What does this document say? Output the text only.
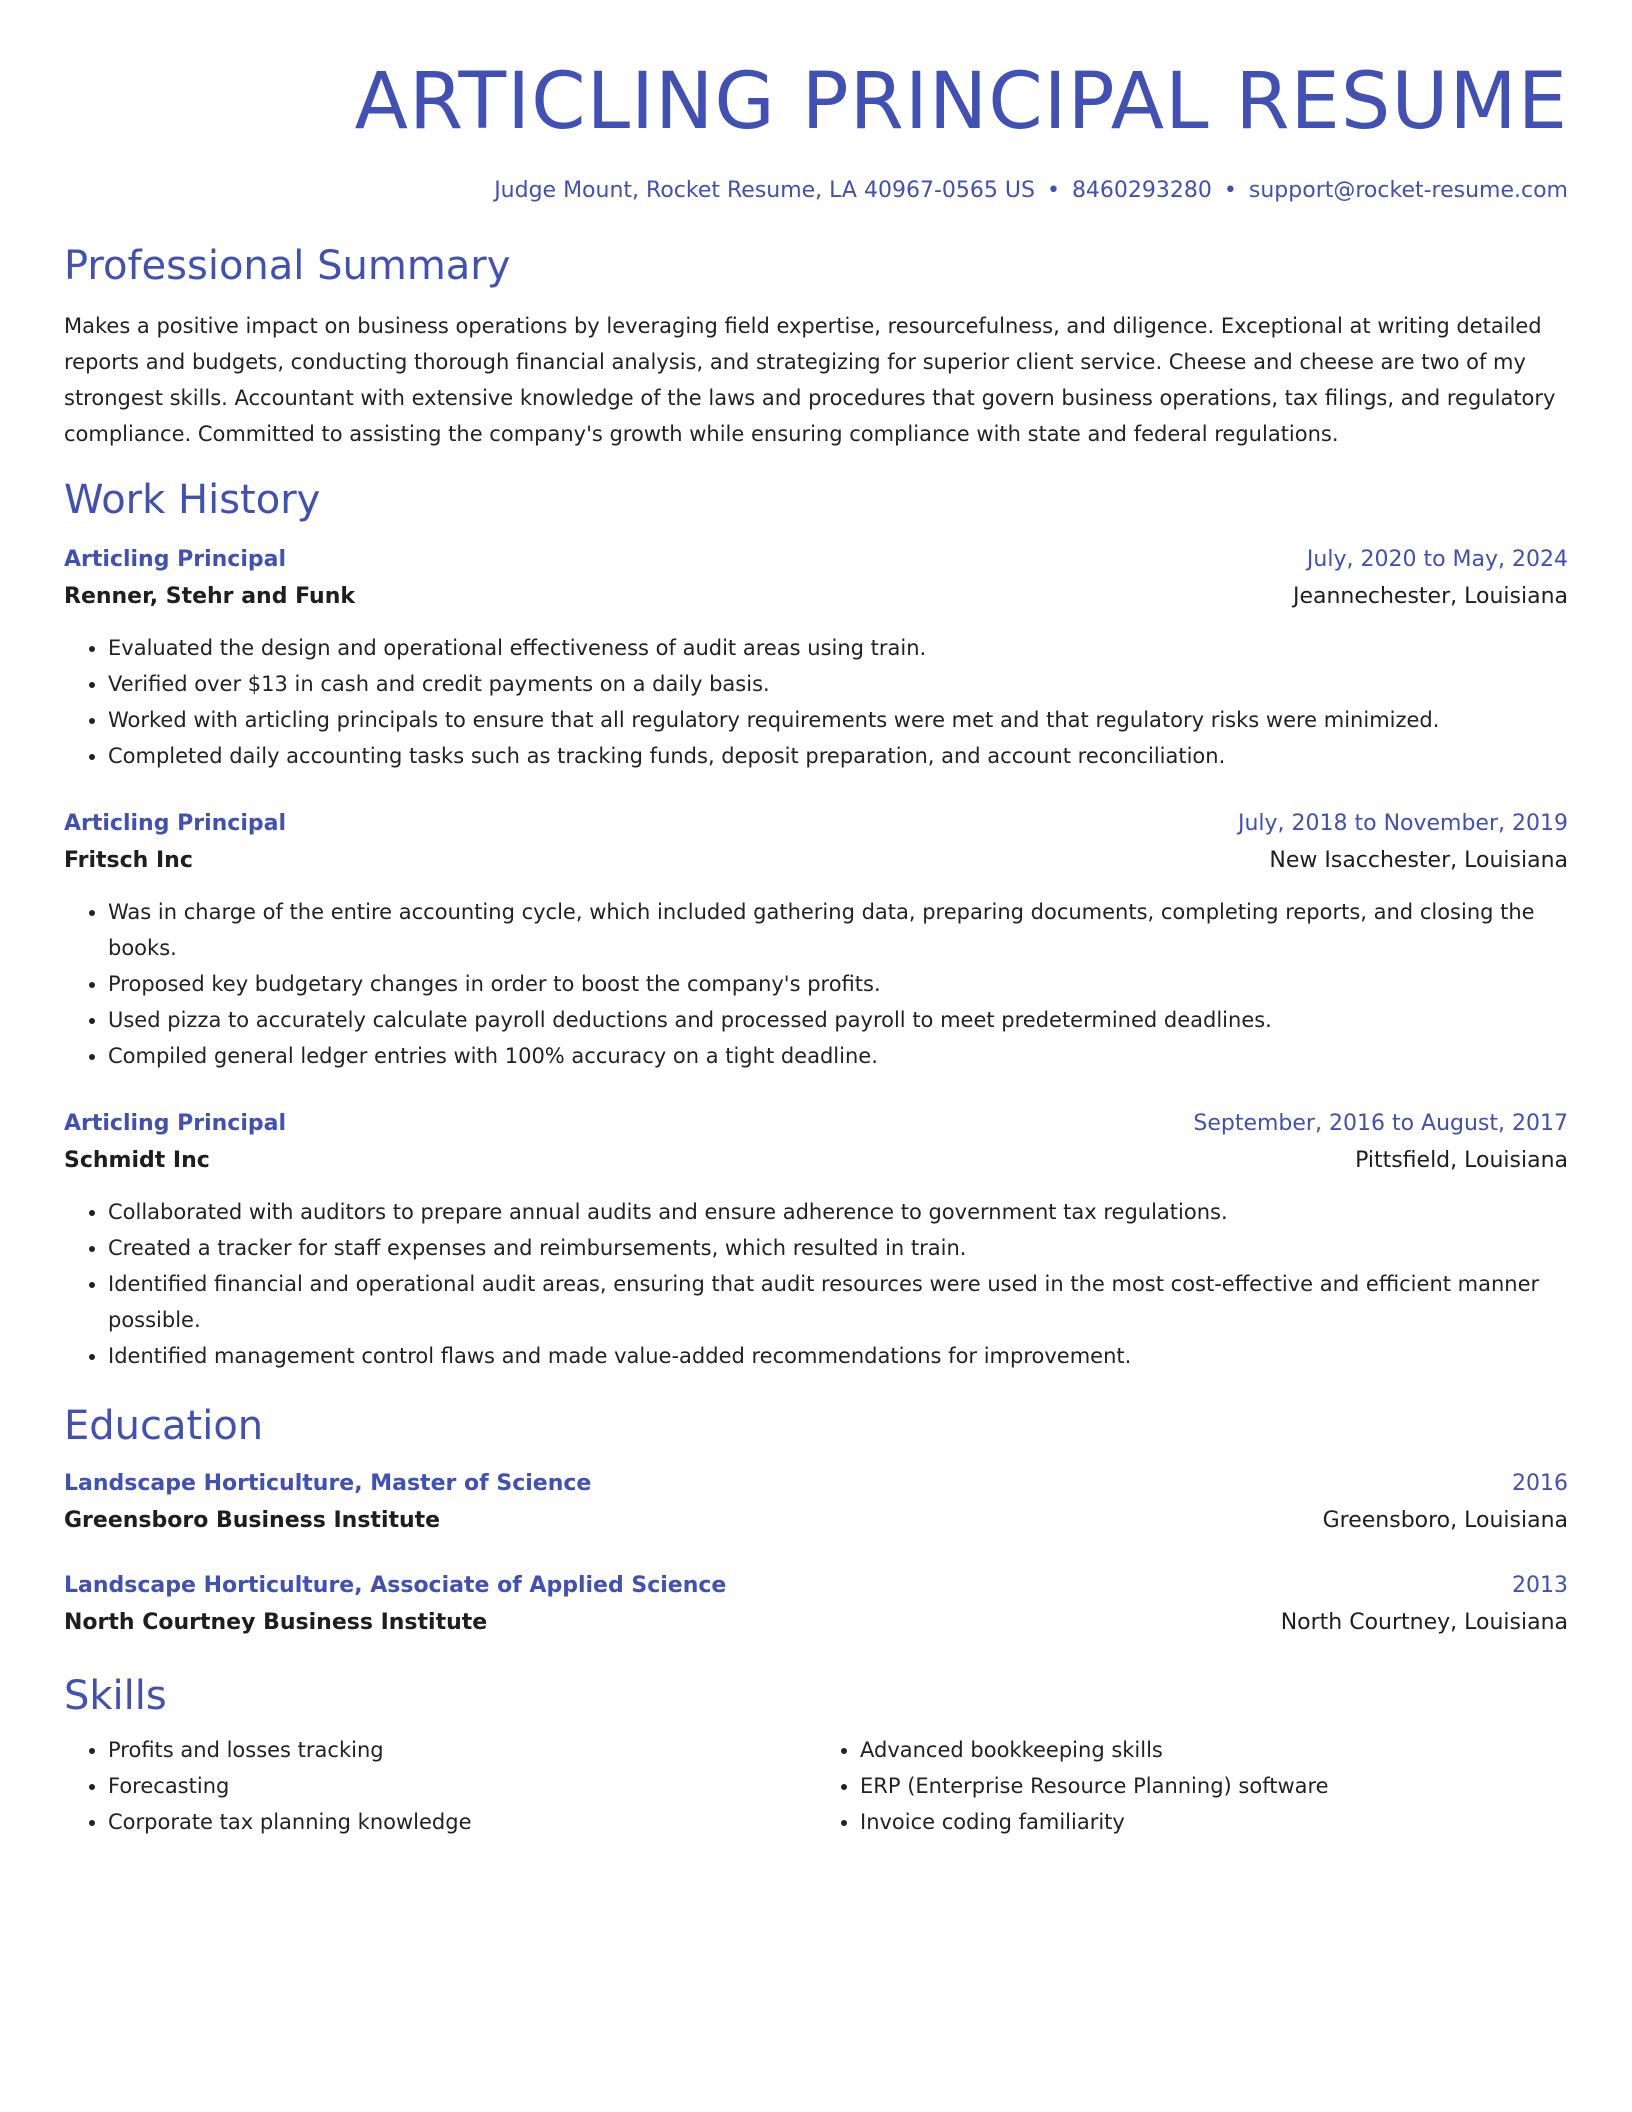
ARTICLING PRINCIPAL RESUME
Judge Mount, Rocket Resume, LA 40967-0565 US • 8460293280 • support@rocket-resume.com
Professional Summary
Makes a positive impact on business operations by leveraging field expertise, resourcefulness, and diligence. Exceptional at writing detailed reports and budgets, conducting thorough financial analysis, and strategizing for superior client service. Cheese and cheese are two of my strongest skills. Accountant with extensive knowledge of the laws and procedures that govern business operations, tax filings, and regulatory compliance. Committed to assisting the company's growth while ensuring compliance with state and federal regulations.
Work History
Articling Principal	July, 2020 to May, 2024
Renner, Stehr and Funk	Jeannechester, Louisiana
• Evaluated the design and operational effectiveness of audit areas using train.
• Verified over $13 in cash and credit payments on a daily basis.
• Worked with articling principals to ensure that all regulatory requirements were met and that regulatory risks were minimized.
• Completed daily accounting tasks such as tracking funds, deposit preparation, and account reconciliation.
Articling Principal	July, 2018 to November, 2019
Fritsch Inc	New Isacchester, Louisiana
• Was in charge of the entire accounting cycle, which included gathering data, preparing documents, completing reports, and closing the books.
• Proposed key budgetary changes in order to boost the company's profits.
• Used pizza to accurately calculate payroll deductions and processed payroll to meet predetermined deadlines.
• Compiled general ledger entries with 100% accuracy on a tight deadline.
Articling Principal	September, 2016 to August, 2017
Schmidt Inc	Pittsfield, Louisiana
• Collaborated with auditors to prepare annual audits and ensure adherence to government tax regulations.
• Created a tracker for staff expenses and reimbursements, which resulted in train.
• Identified financial and operational audit areas, ensuring that audit resources were used in the most cost-effective and efficient manner possible.
• Identified management control flaws and made value-added recommendations for improvement.
Education
Landscape Horticulture, Master of Science	2016
Greensboro Business Institute	Greensboro, Louisiana
Landscape Horticulture, Associate of Applied Science	2013
North Courtney Business Institute	North Courtney, Louisiana
Skills
• Profits and losses tracking
• Forecasting
• Corporate tax planning knowledge
• Advanced bookkeeping skills
• ERP (Enterprise Resource Planning) software
• Invoice coding familiarity
